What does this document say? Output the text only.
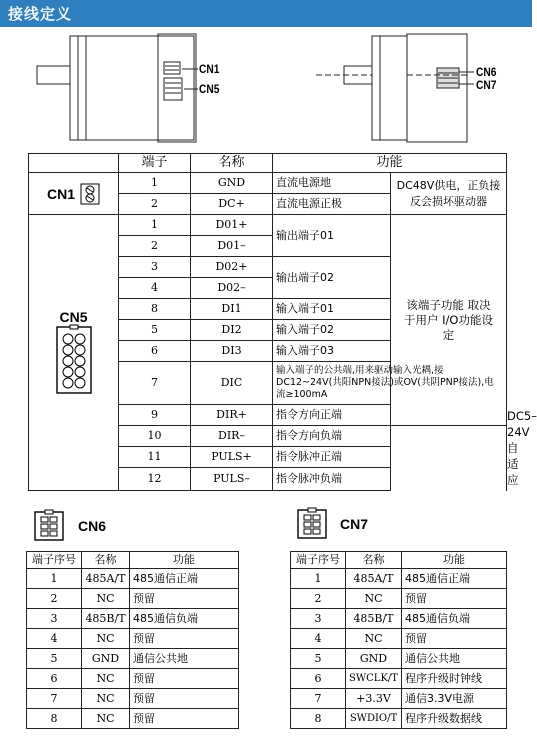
接线定义
CN1
CN5
CN6
CN7
	端子	名称	功能		

CN1	1	GND	直流电源地	DC48V供电，正负接反会损坏驱动器	
	2	DC+	直流电源正极		

CN5	1	D01+	输出端子01	该端子功能 取决于用户 I/O功能设定	
	2	D01–			
	3	D02+	输出端子02		
	4	D02–			
	8	DI1	输入端子01		
	5	DI2	输入端子02		
	6	DI3	输入端子03		
	7	DIC	输入端子的公共端,用来驱动输入光耦,接DC12~24V(共阳NPN接法)或OV(共阴PNP接法),电流≥100mA		
	9	DIR+	指令方向正端		DC5–24V 自适应
	10	DIR–	指令方向负端		
	11	PULS+	指令脉冲正端		
	12	PULS–	指令脉冲负端		
CN6	CN7
端子序号	名称	功能
1	485A/T	485通信正端
2	NC	预留
3	485B/T	485通信负端
4	NC	预留
5	GND	通信公共地
6	NC	预留
7	NC	预留
8	NC	预留
端子序号	名称	功能
1	485A/T	485通信正端
2	NC	预留
3	485B/T	485通信负端
4	NC	预留
5	GND	通信公共地
6	SWCLK/T	程序升级时钟线
7	+3.3V	通信3.3V电源
8	SWDIO/T	程序升级数据线
